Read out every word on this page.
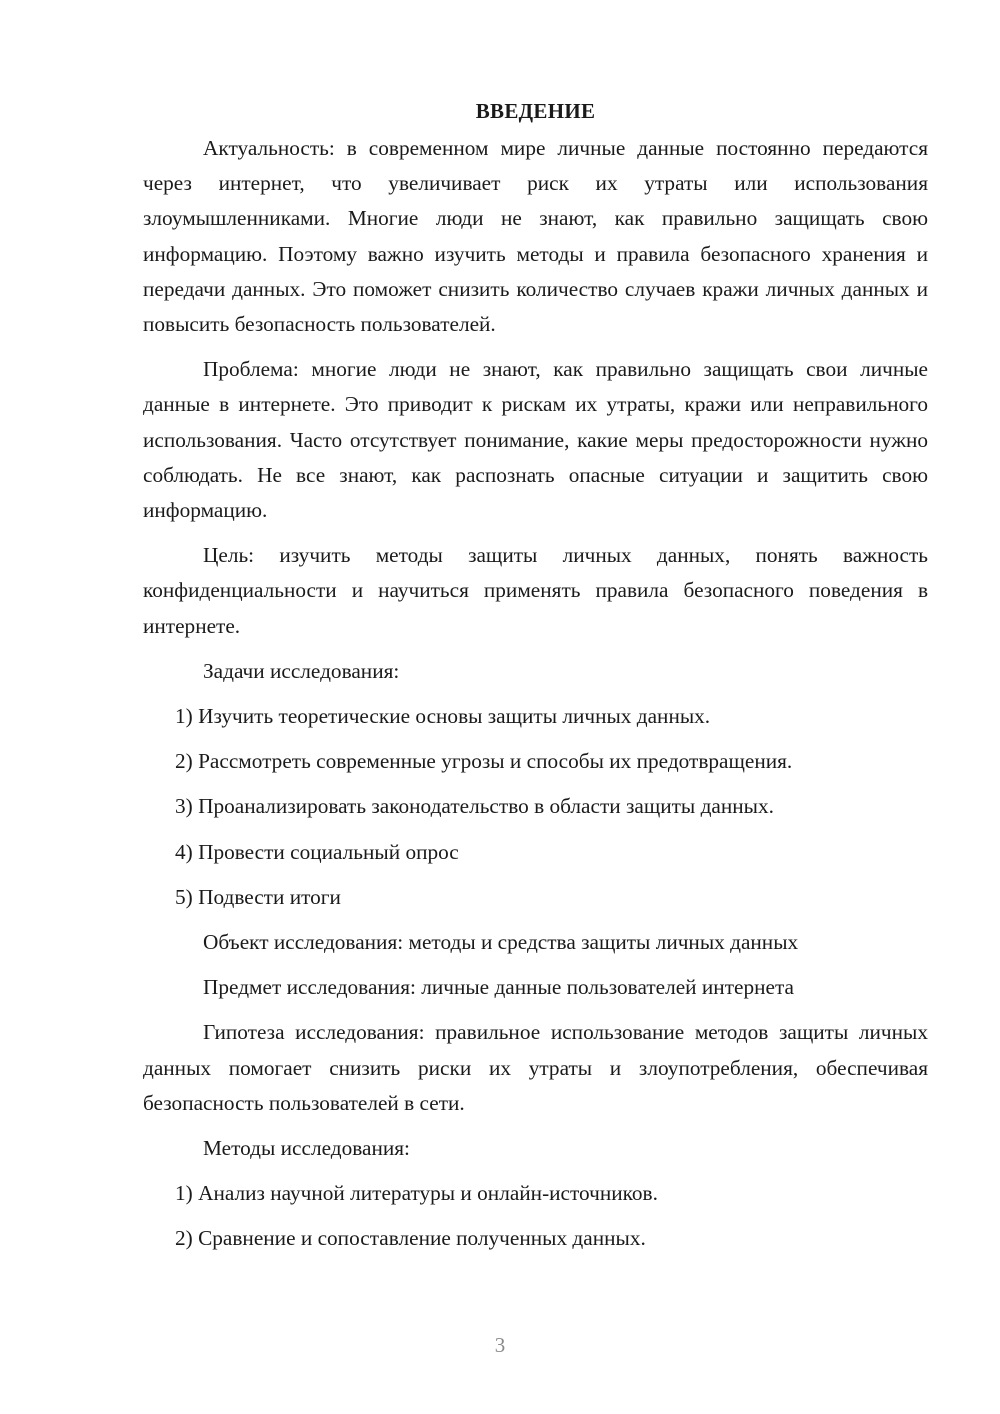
ВВЕДЕНИЕ

Актуальность: в современном мире личные данные постоянно передаются через интернет, что увеличивает риск их утраты или использования злоумышленниками. Многие люди не знают, как правильно защищать свою информацию. Поэтому важно изучить методы и правила безопасного хранения и передачи данных. Это поможет снизить количество случаев кражи личных данных и повысить безопасность пользователей.

Проблема: многие люди не знают, как правильно защищать свои личные данные в интернете. Это приводит к рискам их утраты, кражи или неправильного использования. Часто отсутствует понимание, какие меры предосторожности нужно соблюдать. Не все знают, как распознать опасные ситуации и защитить свою информацию.

Цель: изучить методы защиты личных данных, понять важность конфиденциальности и научиться применять правила безопасного поведения в интернете.

Задачи исследования:
1) Изучить теоретические основы защиты личных данных.
2) Рассмотреть современные угрозы и способы их предотвращения.
3) Проанализировать законодательство в области защиты данных.
4) Провести социальный опрос
5) Подвести итоги
Объект исследования: методы и средства защиты личных данных
Предмет исследования: личные данные пользователей интернета

Гипотеза исследования: правильное использование методов защиты личных данных помогает снизить риски их утраты и злоупотребления, обеспечивая безопасность пользователей в сети.

Методы исследования:
1) Анализ научной литературы и онлайн-источников.
2) Сравнение и сопоставление полученных данных.
3
